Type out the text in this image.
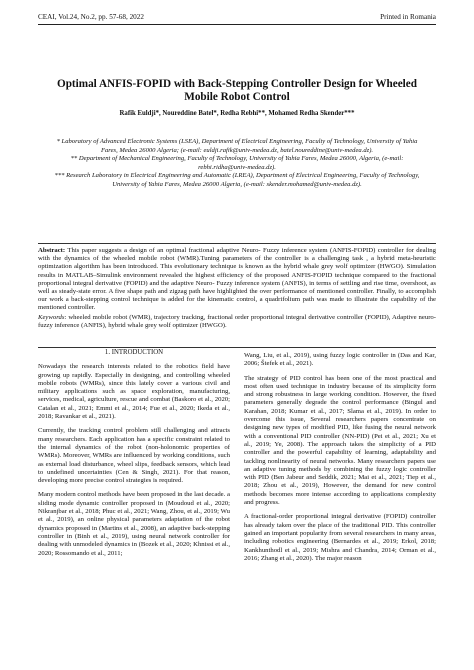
CEAI, Vol.24, No.2, pp. 57-68, 2022	Printed in Romania
Optimal ANFIS-FOPID with Back-Stepping Controller Design for Wheeled Mobile Robot Control
Rafik Euldji*, Noureddine Batel*, Redha Rebhi**, Mohamed Redha Skender***

* Laboratory of Advanced Electronic Systems (LSEA), Department of Electrical Engineering, Faculty of Technology, University of Yahia Fares, Medea 26000 Algeria; (e-mail: euldji.rafik@univ-medea.dz, batel.noureddine@univ-medea.dz).

** Department of Mechanical Engineering, Faculty of Technology, University of Yahia Fares, Medea 26000, Algeria, (e-mail: rebhi.ridha@univ-medea.dz).

*** Research Laboratory in Electrical Engineering and Automatic (LREA), Department of Electrical Engineering, Faculty of Technology, University of Yahia Fares, Medea 26000 Algeria, (e-mail: skender.mohamed@univ-medea.dz).

Abstract: This paper suggests a design of an optimal fractional adaptive Neuro- Fuzzy inference system (ANFIS-FOPID) controller for dealing with the dynamics of the wheeled mobile robot (WMR).Tuning parameters of the controller is a challenging task , a hybrid meta-heuristic optimization algorithm has been introduced. This evolutionary technique is known as the hybrid whale grey wolf optimizer (HWGO). Simulation results in MATLAB–Simulink environment revealed the highest efficiency of the proposed ANFIS-FOPID technique compared to the fractional proportional integral derivative (FOPID) and the adaptive Neuro- Fuzzy inference system (ANFIS), in terms of settling and rise time, overshoot, as well as steady-state error. A five shape path and zigzag path have highlighted the over performance of mentioned controller. Finally, to accomplish our work a back-stepping control technique is added for the kinematic control, a quadrifolium path was made to illustrate the capability of the mentioned controller.

Keywords: wheeled mobile robot (WMR), trajectory tracking, fractional order proportional integral derivative controller (FOPID), Adaptive neuro-fuzzy inference (ANFIS), hybrid whale grey wolf optimizer (HWGO).

1. INTRODUCTION

Nowadays the research interests related to the robotics field have growing up rapidly. Especially in designing, and controlling wheeled mobile robots (WMRs), since this lately cover a various civil and military applications such as space exploration, manufacturing, services, medical, agriculture, rescue and combat (Baskoro et al., 2020; Catalan et al., 2021; Emmi et al., 2014; Fue et al., 2020; Ikeda et al., 2018; Ravankar et al., 2021).

Currently, the tracking control problem still challenging and attracts many researchers. Each application has a specific constraint related to the internal dynamics of the robot (non-holonomic properties of WMRs). Moreover, WMRs are influenced by working conditions, such as external load disturbance, wheel slips, feedback sensors, which lead to undefined uncertainties (Cen & Singh, 2021). For that reason, developing more precise control strategies is required.

Many modern control methods have been proposed in the last decade. a sliding mode dynamic controller proposed in (Moudoud et al., 2020; Nikranjbar et al., 2018; Phuc et al., 2021; Wang, Zhou, et al., 2019; Wu et al., 2019), an online physical parameters adaptation of the robot dynamics proposed in (Martins et al., 2008), an adaptive back-stepping controller in (Binh et al., 2019), using neural network controller for dealing with unmodeled dynamics in (Bozek et al., 2020; Khnissi et al., 2020; Rossomando et al., 2011;

Wang, Liu, et al., 2019), using fuzzy logic controller in (Das and Kar, 2006; Štefek et al., 2021).

The strategy of PID control has been one of the most practical and most often used technique in industry because of its simplicity form and strong robustness in large working condition. However, the fixed parameters generally degrade the control performance (Bingul and Karahan, 2018; Kumar et al., 2017; Slama et al., 2019). In order to overcome this issue, Several researchers papers concentrate on designing new types of modified PID, like fusing the neural network with a conventional PID controller (NN-PID) (Pei et al., 2021; Xu et al., 2019; Ye, 2008). The approach takes the simplicity of a PID controller and the powerful capability of learning, adaptability and tackling nonlinearity of neural networks. Many researchers papers use an adaptive tuning methods by combining the fuzzy logic controller with PID (Ben Jabeur and Seddik, 2021; Mai et al., 2021; Tiep et al., 2018; Zhou et al., 2019), However, the demand for new control methods becomes more intense according to applications complexity and progress.

A fractional-order proportional integral derivative (FOPID) controller has already taken over the place of the traditional PID. This controller gained an important popularity from several researchers in many areas, including robotics engineering (Bernardes et al., 2019; Erkol, 2018; Kankhunthodl et al., 2019; Mishra and Chandra, 2014; Orman et al., 2016; Zhang et al., 2020). The major reason
